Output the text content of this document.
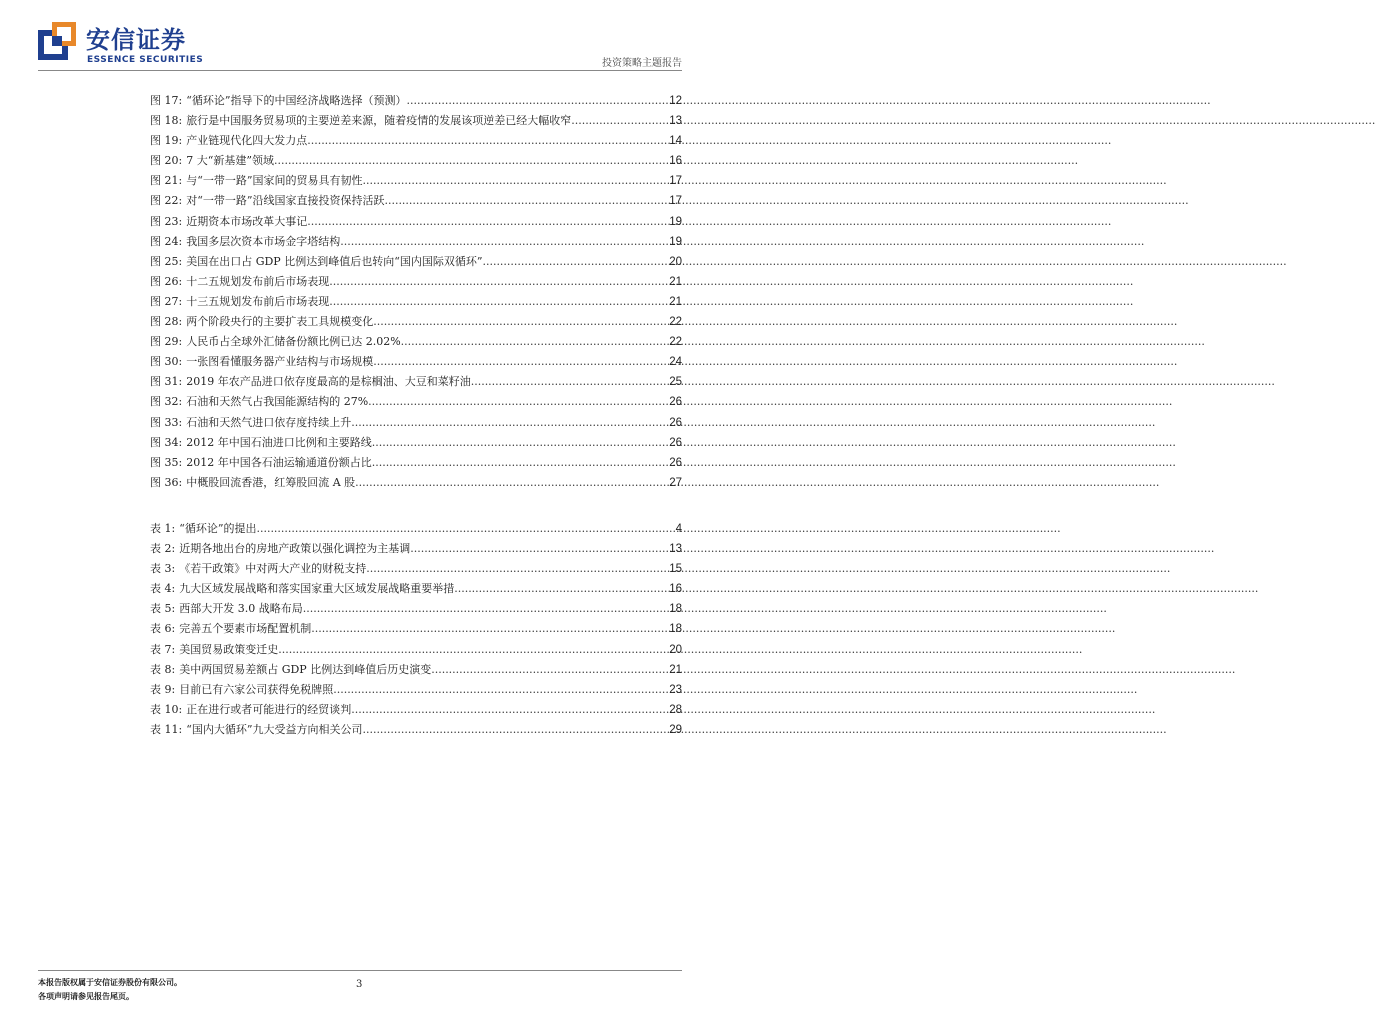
安信证券
ESSENCE SECURITIES	投资策略主题报告
图 17: “循环论”指导下的中国经济战略选择（预测） .....	12
图 18: 旅行是中国服务贸易项的主要逆差来源，随着疫情的发展该项逆差已经大幅收窄 .....	13
图 19: 产业链现代化四大发力点 .....	14
图 20: 7 大“新基建”领域 .....	16
图 21: 与“一带一路”国家间的贸易具有韧性 .....	17
图 22: 对“一带一路”沿线国家直接投资保持活跃 .....	17
图 23: 近期资本市场改革大事记 .....	19
图 24: 我国多层次资本市场金字塔结构 .....	19
图 25: 美国在出口占 GDP 比例达到峰值后也转向“国内国际双循环” .....	20
图 26: 十二五规划发布前后市场表现 .....	21
图 27: 十三五规划发布前后市场表现 .....	21
图 28: 两个阶段央行的主要扩表工具规模变化 .....	22
图 29: 人民币占全球外汇储备份额比例已达 2.02% .....	22
图 30: 一张图看懂服务器产业结构与市场规模 .....	24
图 31: 2019 年农产品进口依存度最高的是棕榈油、大豆和菜籽油 .....	25
图 32: 石油和天然气占我国能源结构的 27% .....	26
图 33: 石油和天然气进口依存度持续上升 .....	26
图 34: 2012 年中国石油进口比例和主要路线 .....	26
图 35: 2012 年中国各石油运输通道份额占比 .....	26
图 36: 中概股回流香港，红筹股回流 A 股 .....	27
表 1: “循环论”的提出 .....	4
表 2: 近期各地出台的房地产政策以强化调控为主基调 .....	13
表 3: 《若干政策》中对两大产业的财税支持 .....	15
表 4: 九大区域发展战略和落实国家重大区域发展战略重要举措 .....	16
表 5: 西部大开发 3.0 战略布局 .....	18
表 6: 完善五个要素市场配置机制 .....	18
表 7: 美国贸易政策变迁史 .....	20
表 8: 美中两国贸易差额占 GDP 比例达到峰值后历史演变 .....	21
表 9: 目前已有六家公司获得免税牌照 .....	23
表 10: 正在进行或者可能进行的经贸谈判 .....	28
表 11: “国内大循环”九大受益方向相关公司 .....	29
本报告版权属于安信证券股份有限公司。
各项声明请参见报告尾页。
3
